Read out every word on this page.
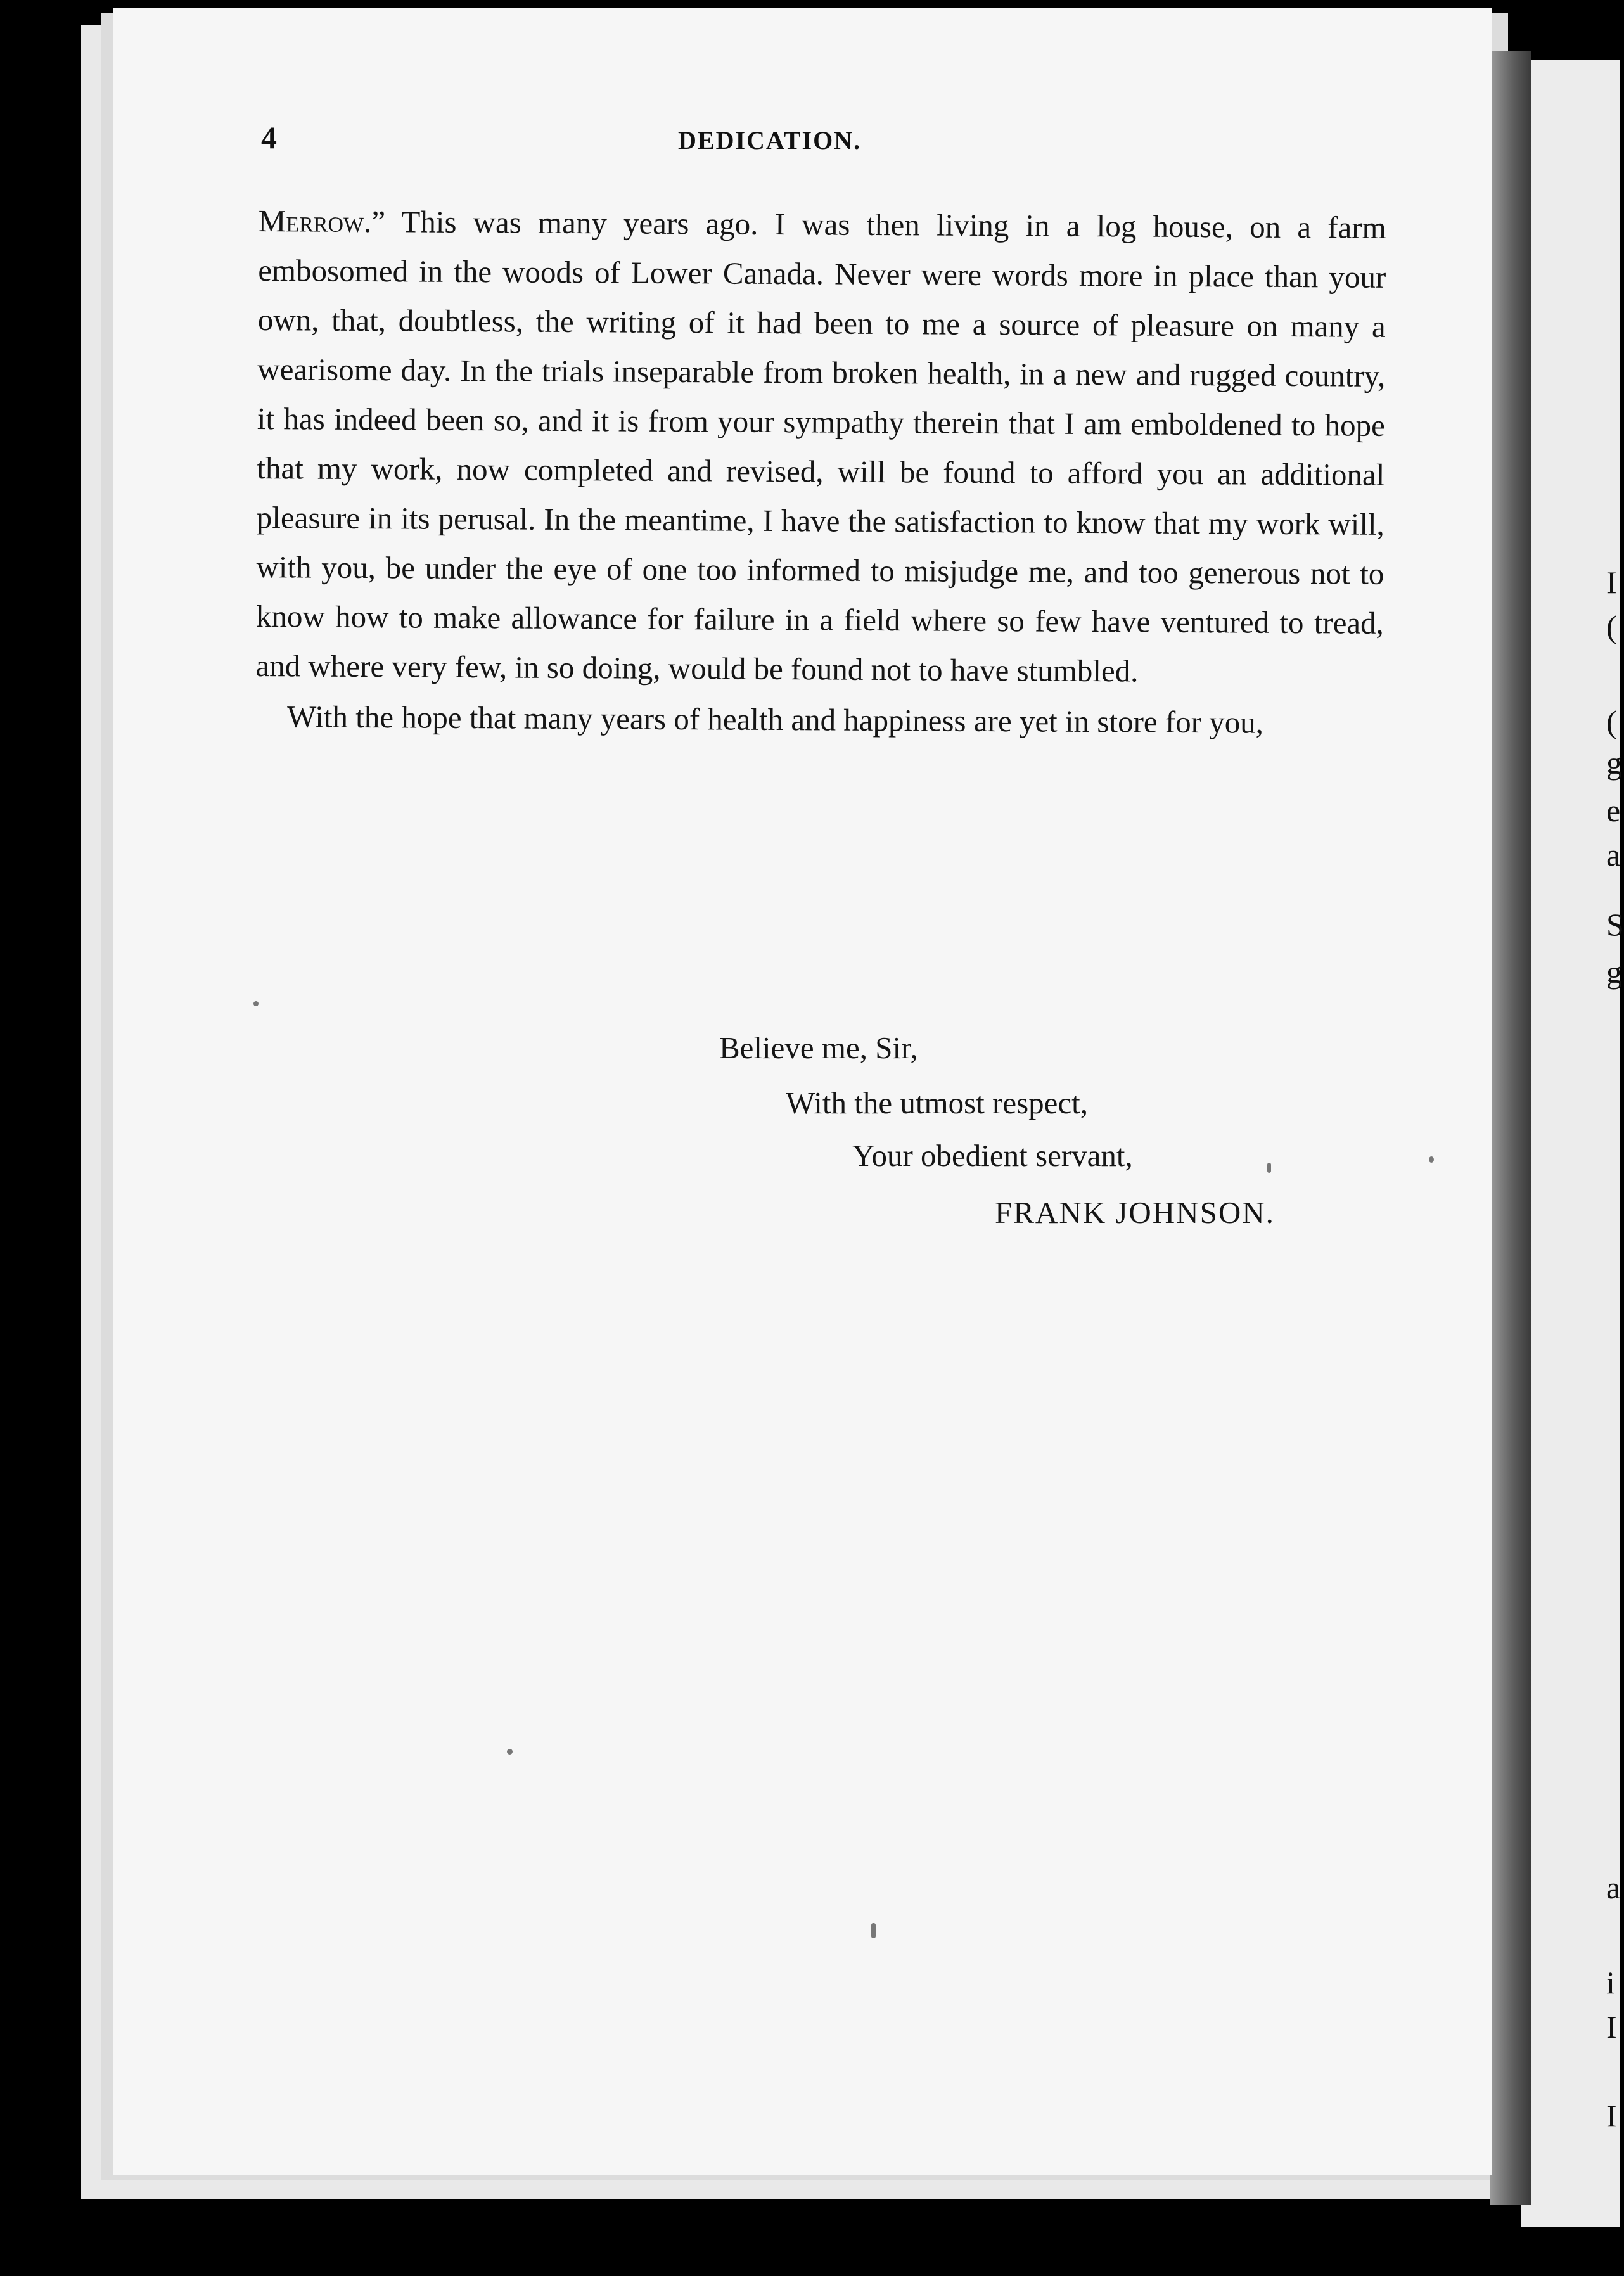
I
(
(
g
e
a
S
g
a
i
I
I
4	DEDICATION.

Merrow.” This was many years ago. I was then living in a log house, on a farm embosomed in the woods of Lower Canada. Never were words more in place than your own, that, doubtless, the writing of it had been to me a source of pleasure on many a wearisome day. In the trials inseparable from broken health, in a new and rugged country, it has indeed been so, and it is from your sympathy therein that I am emboldened to hope that my work, now completed and revised, will be found to afford you an additional pleasure in its perusal. In the meantime, I have the satisfaction to know that my work will, with you, be under the eye of one too informed to misjudge me, and too generous not to know how to make allowance for failure in a field where so few have ventured to tread, and where very few, in so doing, would be found not to have stumbled.

With the hope that many years of health and happiness are yet in store for you,

Believe me, Sir,
With the utmost respect,
Your obedient servant,
FRANK JOHNSON.
